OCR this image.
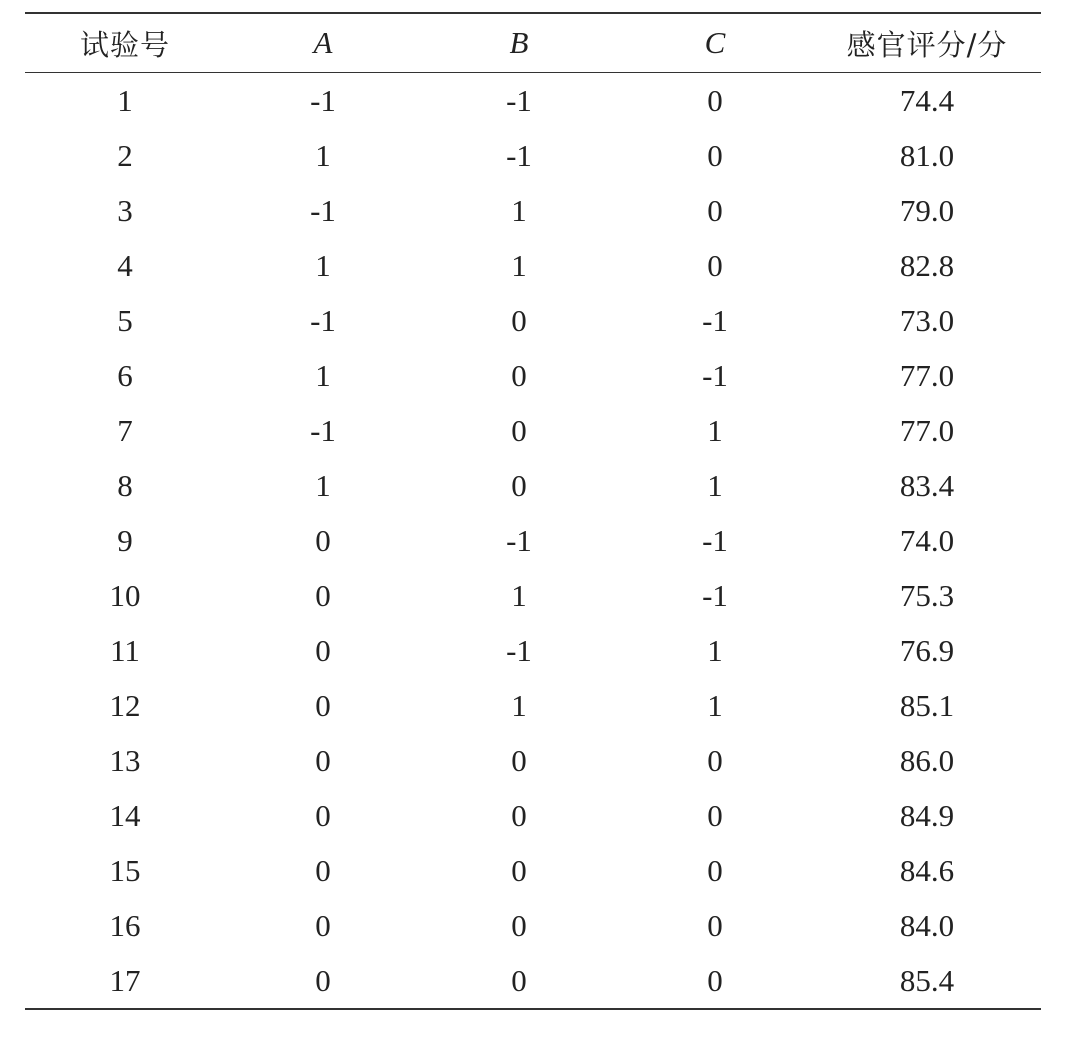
试验号	A	B	C	感官评分/分
1	-1	-1	0	74.4
2	1	-1	0	81.0
3	-1	1	0	79.0
4	1	1	0	82.8
5	-1	0	-1	73.0
6	1	0	-1	77.0
7	-1	0	1	77.0
8	1	0	1	83.4
9	0	-1	-1	74.0
10	0	1	-1	75.3
11	0	-1	1	76.9
12	0	1	1	85.1
13	0	0	0	86.0
14	0	0	0	84.9
15	0	0	0	84.6
16	0	0	0	84.0
17	0	0	0	85.4
